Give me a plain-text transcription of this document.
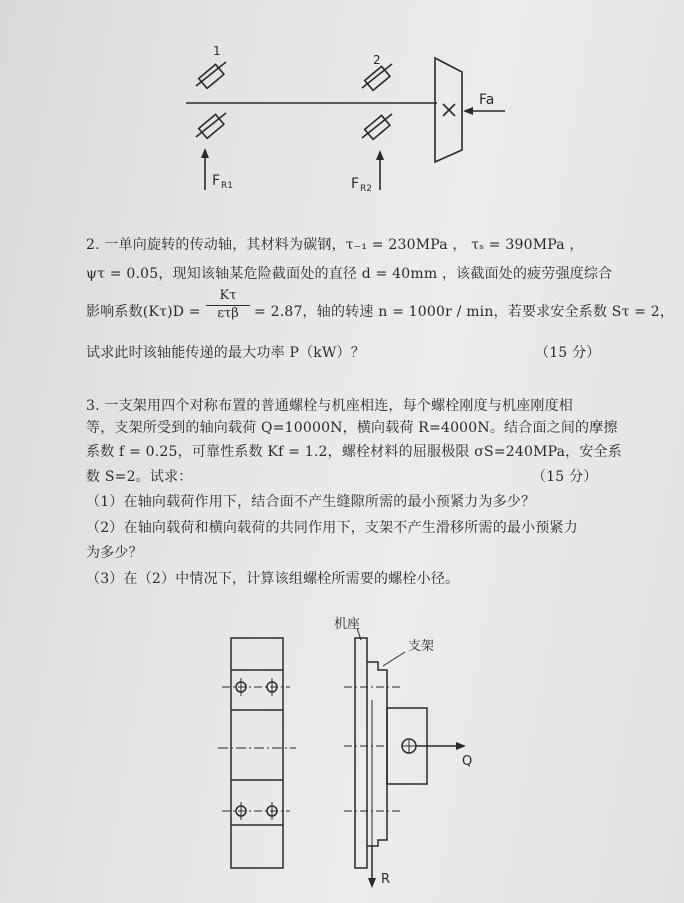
1
2
Fa
F R1	F R2
2. 一单向旋转的传动轴，其材料为碳钢，τ₋₁ = 230MPa ， τₛ = 390MPa ，
ψτ = 0.05，现知该轴某危险截面处的直径 d = 40mm ，该截面处的疲劳强度综合
影响系数(Kτ)D =
Kτ
ετβ	= 2.87，轴的转速 n = 1000r / min，若要求安全系数 Sτ = 2，
试求此时该轴能传递的最大功率 P（kW）？	（15 分）
3. 一支架用四个对称布置的普通螺栓与机座相连，每个螺栓刚度与机座刚度相
等，支架所受到的轴向载荷 Q=10000N，横向载荷 R=4000N。结合面之间的摩擦
系数 f = 0.25，可靠性系数 Kf = 1.2，螺栓材料的屈服极限 σS=240MPa，安全系
数 S=2。试求：	（15 分）
（1）在轴向载荷作用下，结合面不产生缝隙所需的最小预紧力为多少？
（2）在轴向载荷和横向载荷的共同作用下，支架不产生滑移所需的最小预紧力
为多少？
（3）在（2）中情况下，计算该组螺栓所需要的螺栓小径。
机座
支架
Q
R
